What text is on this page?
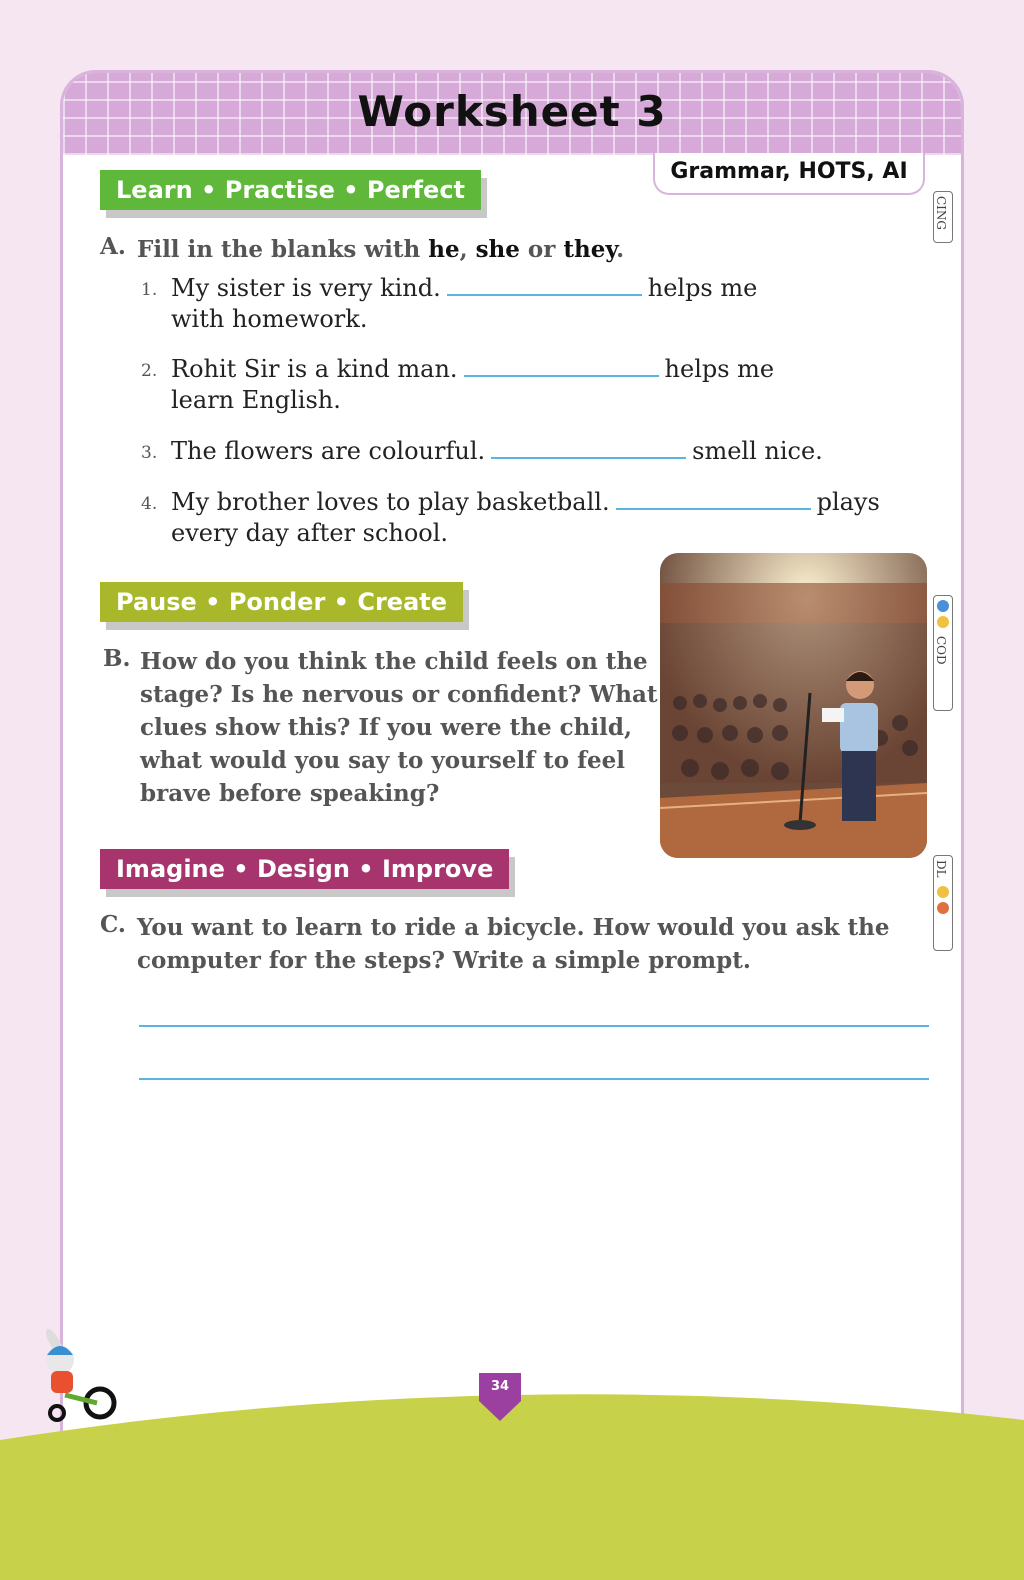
Worksheet 3
Grammar, HOTS, AI
Learn • Practise • Perfect
A. Fill in the blanks with he, she or they.
1. My sister is very kind.	helps me
with homework.
2. Rohit Sir is a kind man.	helps me
learn English.
3. The flowers are colourful.	smell nice.
4. My brother loves to play basketball.	plays
every day after school.
Pause • Ponder • Create
B. How do you think the child feels on the
stage? Is he nervous or confident? What
clues show this? If you were the child,
what would you say to yourself to feel
brave before speaking?
Imagine • Design • Improve
C. You want to learn to ride a bicycle. How would you ask the
computer for the steps? Write a simple prompt.
CING
COD
DL
34
